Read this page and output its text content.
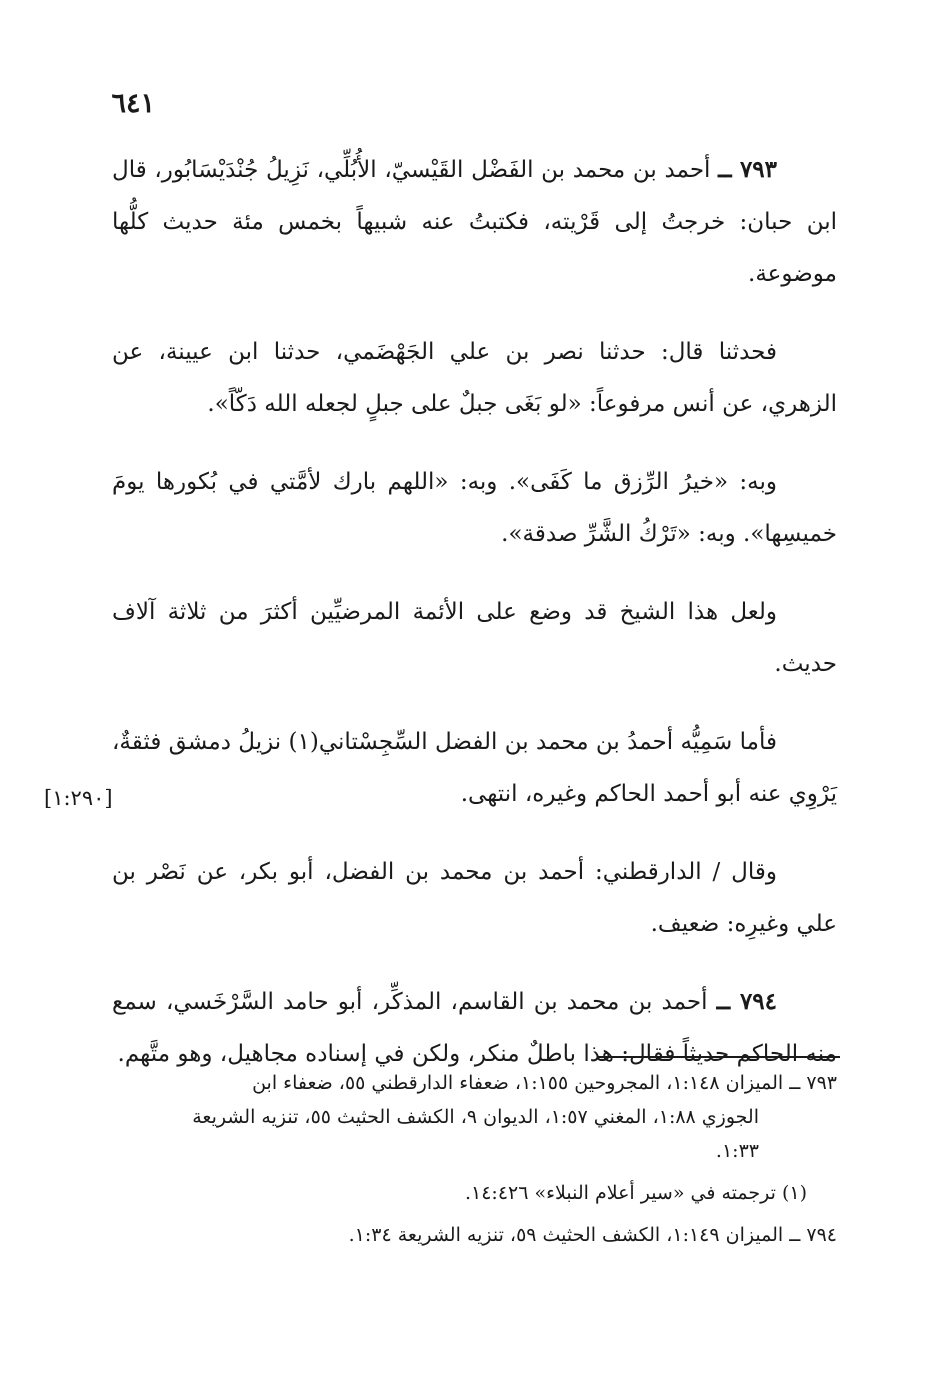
٦٤١

٧٩٣ ــ أحمد بن محمد بن الفَضْل القَيْسيّ، الأُبُلِّي، نَزِيلُ جُنْدَيْسَابُور، قال ابن حبان: خرجتُ إلى قَرْيته، فكتبتُ عنه شبيهاً بخمس مئة حديث كلُّها موضوعة.

فحدثنا قال: حدثنا نصر بن علي الجَهْضَمي، حدثنا ابن عيينة، عن الزهري، عن أنس مرفوعاً: «لو بَغَى جبلٌ على جبلٍ لجعله الله دَكّاً».

وبه: «خيرُ الرِّزق ما كَفَى». وبه: «اللهم بارك لأمَّتي في بُكورها يومَ خميسِها». وبه: «تَرْكُ الشَّرِّ صدقة».

ولعل هذا الشيخ قد وضع على الأئمة المرضيِّين أكثرَ من ثلاثة آلاف حديث.

فأما سَمِيُّه أحمدُ بن محمد بن الفضل السِّجِسْتاني(١) نزيلُ دمشق فثقةٌ، يَرْوِي عنه أبو أحمد الحاكم وغيره، انتهى.

وقال / الدارقطني: أحمد بن محمد بن الفضل، أبو بكر، عن نَصْر بن علي وغيرِه: ضعيف.

٧٩٤ ــ أحمد بن محمد بن القاسم، المذكِّر، أبو حامد السَّرْخَسي، سمع منه الحاكم حديثاً فقال: هذا باطلٌ منكر، ولكن في إسناده مجاهيل، وهو متَّهم.

[١:٢٩٠]
٧٩٣ ــ الميزان ١:١٤٨، المجروحين ١:١٥٥، ضعفاء الدارقطني ٥٥، ضعفاء ابن
الجوزي ١:٨٨، المغني ١:٥٧، الديوان ٩، الكشف الحثيث ٥٥، تنزيه الشريعة
١:٣٣.
(١) ترجمته في «سير أعلام النبلاء» ١٤:٤٢٦.
٧٩٤ ــ الميزان ١:١٤٩، الكشف الحثيث ٥٩، تنزيه الشريعة ١:٣٤.
